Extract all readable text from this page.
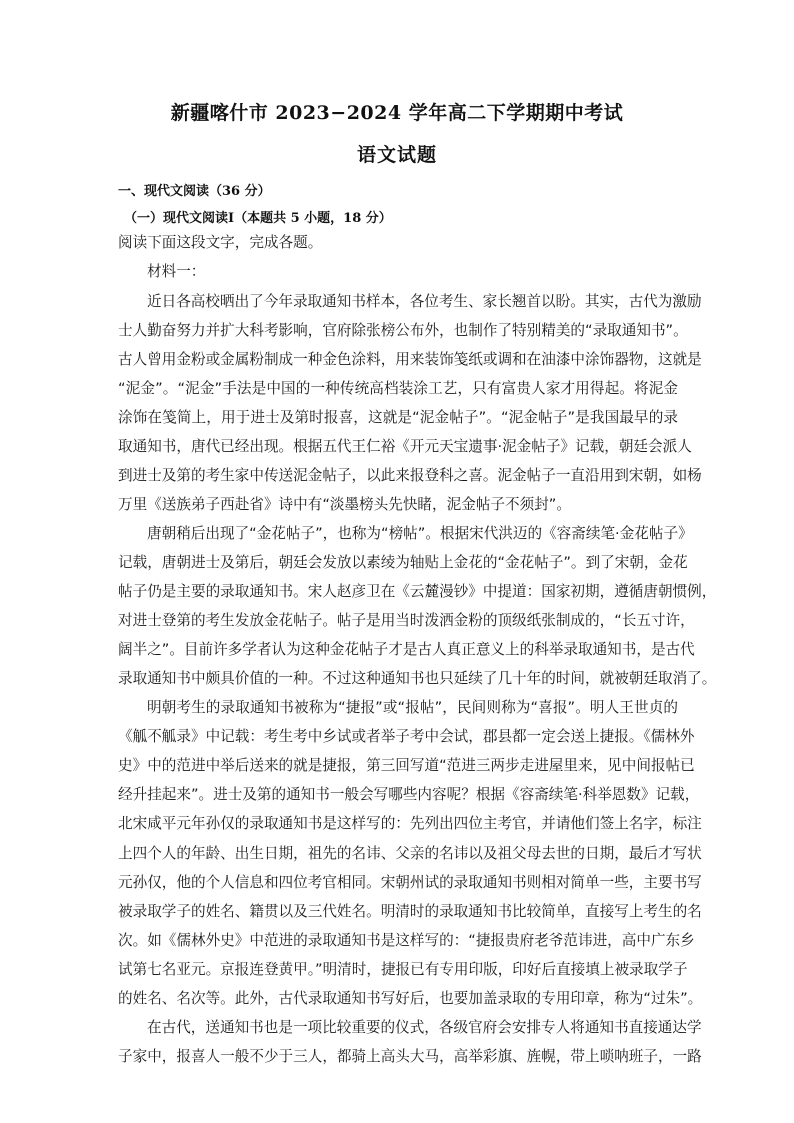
新疆喀什市 2023−2024 学年高二下学期期中考试
语文试题
一、现代文阅读（36 分）
（一）现代文阅读Ⅰ（本题共 5 小题，18 分）
阅读下面这段文字，完成各题。
材料一：
近日各高校晒出了今年录取通知书样本，各位考生、家长翘首以盼。其实，古代为激励
士人勤奋努力并扩大科考影响，官府除张榜公布外，也制作了特别精美的“录取通知书”。
古人曾用金粉或金属粉制成一种金色涂料，用来装饰笺纸或调和在油漆中涂饰器物，这就是
“泥金”。“泥金”手法是中国的一种传统高档装涂工艺，只有富贵人家才用得起。将泥金
涂饰在笺简上，用于进士及第时报喜，这就是“泥金帖子”。“泥金帖子”是我国最早的录
取通知书，唐代已经出现。根据五代王仁裕《开元天宝遗事·泥金帖子》记载，朝廷会派人
到进士及第的考生家中传送泥金帖子，以此来报登科之喜。泥金帖子一直沿用到宋朝，如杨
万里《送族弟子西赴省》诗中有“淡墨榜头先快睹，泥金帖子不须封”。
唐朝稍后出现了“金花帖子”，也称为“榜帖”。根据宋代洪迈的《容斋续笔·金花帖子》
记载，唐朝进士及第后，朝廷会发放以素绫为轴贴上金花的“金花帖子”。到了宋朝，金花
帖子仍是主要的录取通知书。宋人赵彦卫在《云麓漫钞》中提道：国家初期，遵循唐朝惯例，
对进士登第的考生发放金花帖子。帖子是用当时泼洒金粉的顶级纸张制成的，“长五寸许，
阔半之”。目前许多学者认为这种金花帖子才是古人真正意义上的科举录取通知书，是古代
录取通知书中颇具价值的一种。不过这种通知书也只延续了几十年的时间，就被朝廷取消了。
明朝考生的录取通知书被称为“捷报”或“报帖”，民间则称为“喜报”。明人王世贞的
《觚不觚录》中记载：考生考中乡试或者举子考中会试，郡县都一定会送上捷报。《儒林外
史》中的范进中举后送来的就是捷报，第三回写道“范进三两步走进屋里来，见中间报帖已
经升挂起来”。进士及第的通知书一般会写哪些内容呢？根据《容斋续笔·科举恩数》记载，
北宋咸平元年孙仅的录取通知书是这样写的：先列出四位主考官，并请他们签上名字，标注
上四个人的年龄、出生日期，祖先的名讳、父亲的名讳以及祖父母去世的日期，最后才写状
元孙仅，他的个人信息和四位考官相同。宋朝州试的录取通知书则相对简单一些，主要书写
被录取学子的姓名、籍贯以及三代姓名。明清时的录取通知书比较简单，直接写上考生的名
次。如《儒林外史》中范进的录取通知书是这样写的：“捷报贵府老爷范讳进，高中广东乡
试第七名亚元。京报连登黄甲。”明清时，捷报已有专用印版，印好后直接填上被录取学子
的姓名、名次等。此外，古代录取通知书写好后，也要加盖录取的专用印章，称为“过朱”。
在古代，送通知书也是一项比较重要的仪式，各级官府会安排专人将通知书直接通达学
子家中，报喜人一般不少于三人，都骑上高头大马，高举彩旗、旌幌，带上唢呐班子，一路
